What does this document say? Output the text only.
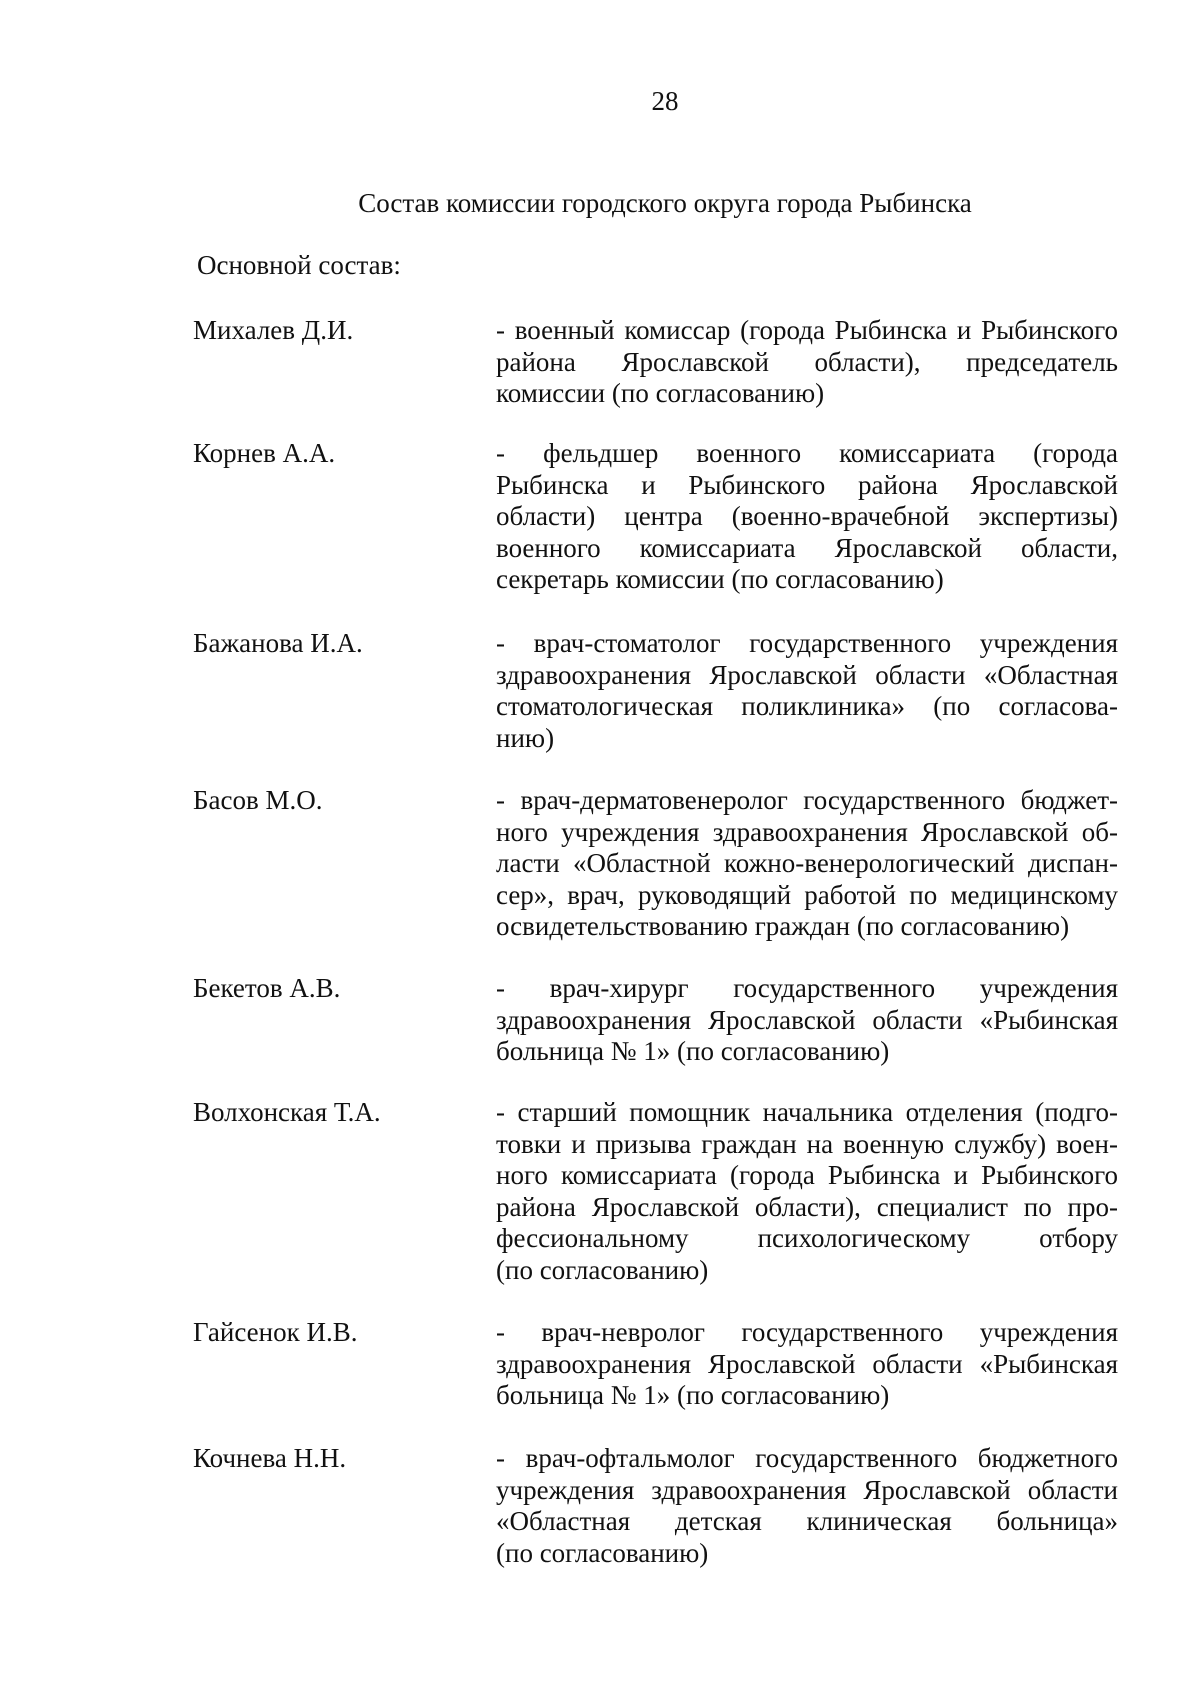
28
Состав комиссии городского округа города Рыбинска
Основной состав:
Михалев Д.И.	- военный комиссар (города Рыбинска и Рыбинского
района Ярославской области), председатель
комиссии (по согласованию)
Корнев А.А.	- фельдшер военного комиссариата (города
Рыбинска и Рыбинского района Ярославской
области) центра (военно-врачебной экспертизы)
военного комиссариата Ярославской области,
секретарь комиссии (по согласованию)
Бажанова И.А.	- врач-стоматолог государственного учреждения
здравоохранения Ярославской области «Областная
стоматологическая поликлиника» (по согласова-
нию)
Басов М.О.	- врач-дерматовенеролог государственного бюджет-
ного учреждения здравоохранения Ярославской об-
ласти «Областной кожно-венерологический диспан-
сер», врач, руководящий работой по медицинскому
освидетельствованию граждан (по согласованию)
Бекетов А.В.	- врач-хирург государственного учреждения
здравоохранения Ярославской области «Рыбинская
больница № 1» (по согласованию)
Волхонская Т.А.	- старший помощник начальника отделения (подго-
товки и призыва граждан на военную службу) воен-
ного комиссариата (города Рыбинска и Рыбинского
района Ярославской области), специалист по про-
фессиональному психологическому отбору
(по согласованию)
Гайсенок И.В.	- врач-невролог государственного учреждения
здравоохранения Ярославской области «Рыбинская
больница № 1» (по согласованию)
Кочнева Н.Н.	- врач-офтальмолог государственного бюджетного
учреждения здравоохранения Ярославской области
«Областная детская клиническая больница»
(по согласованию)
